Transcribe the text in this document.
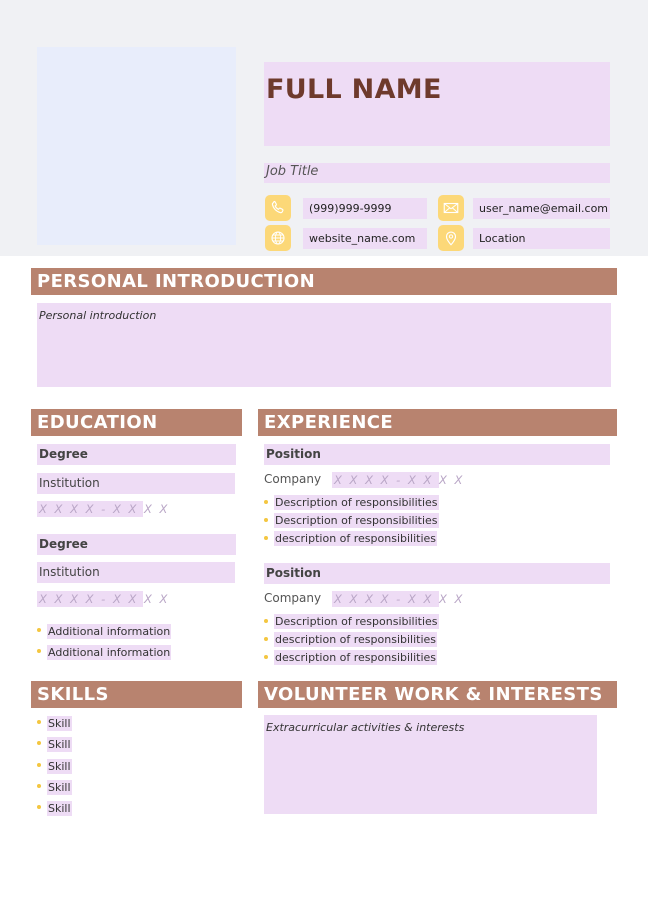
FULL NAME
Job Title
(999)999-9999	user_name@email.com
website_name.com	Location
PERSONAL INTRODUCTION
Personal introduction
EDUCATION
Degree
Institution
X X X X - X X X X
Degree
Institution
X X X X - X X X X
Additional information
Additional information
EXPERIENCE
Position
Company X X X X - X X X X
Description of responsibilities
Description of responsibilities
description of responsibilities
Position
Company X X X X - X X X X
Description of responsibilities
description of responsibilities
description of responsibilities
SKILLS
Skill
Skill
Skill
Skill
Skill
VOLUNTEER WORK & INTERESTS
Extracurricular activities & interests
